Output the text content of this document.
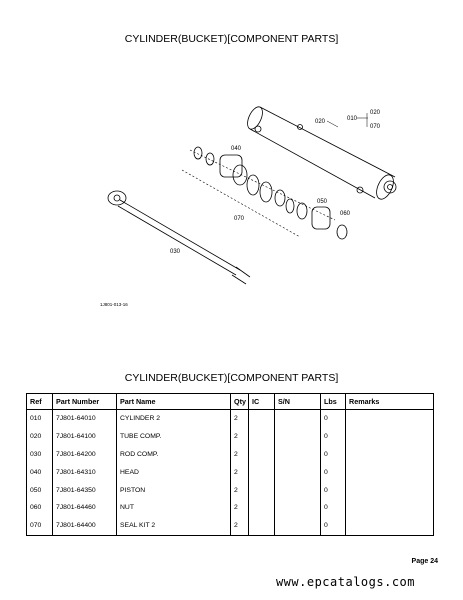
CYLINDER(BUCKET)[COMPONENT PARTS]
010
020
070
020
040
070
050
060
030
1J801-013-16
CYLINDER(BUCKET)[COMPONENT PARTS]
Ref	Part Number	Part Name	Qty	IC	S/N	Lbs	Remarks
010	7J801-64010	CYLINDER 2	2			0	
020	7J801-64100	TUBE COMP.	2			0	
030	7J801-64200	ROD COMP.	2			0	
040	7J801-64310	HEAD	2			0	
050	7J801-64350	PISTON	2			0	
060	7J801-64460	NUT	2			0	
070	7J801-64400	SEAL KIT 2	2			0	
Page 24
www.epcatalogs.com
